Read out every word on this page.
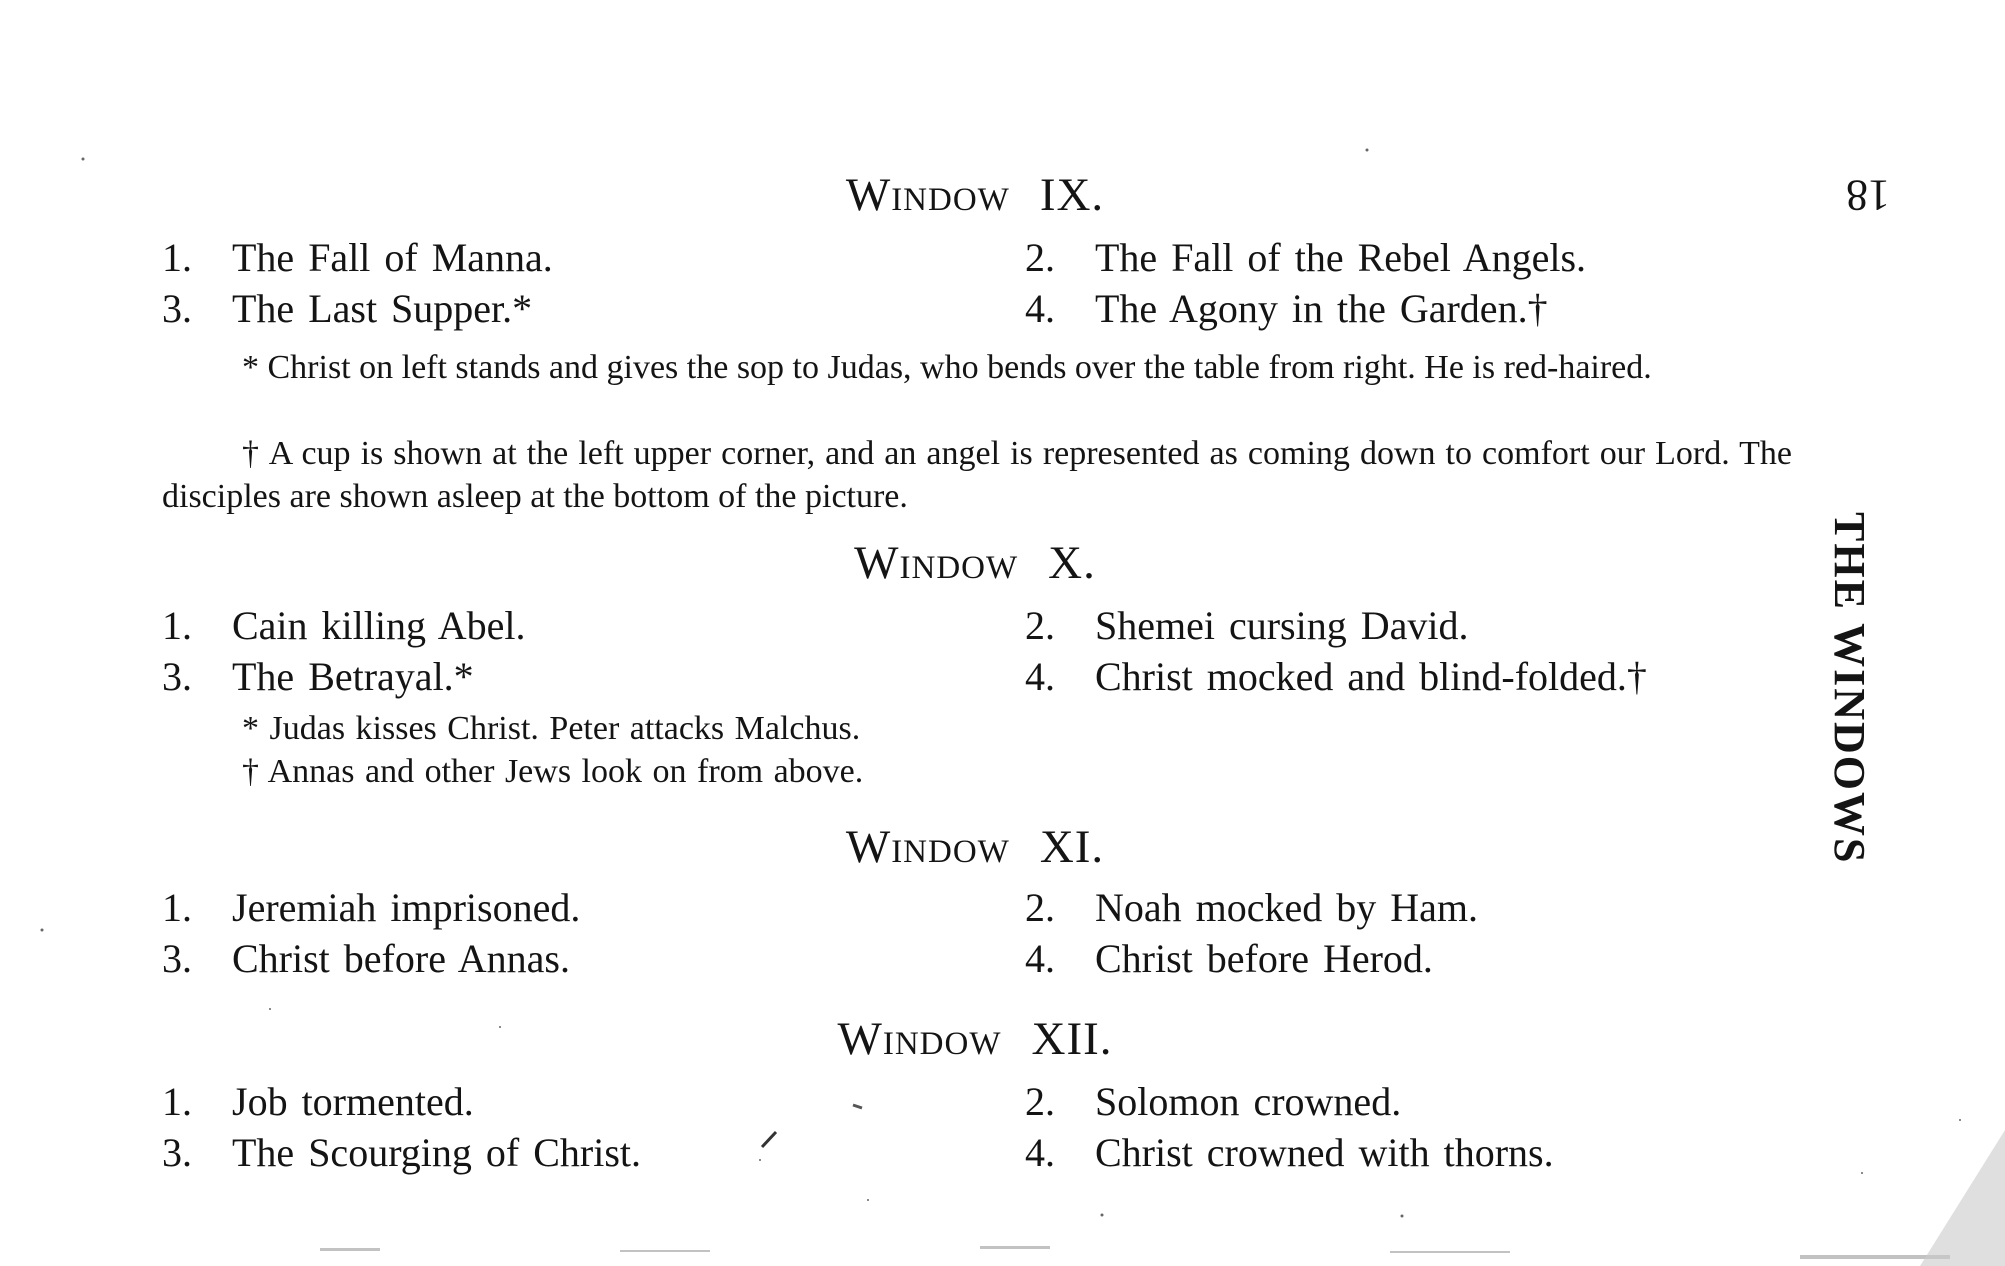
Window IX.
1. The Fall of Manna.	2. The Fall of the Rebel Angels.
3. The Last Supper.*	4. The Agony in the Garden.†
* Christ on left stands and gives the sop to Judas, who bends over the table from right. He is red-haired.
† A cup is shown at the left upper corner, and an angel is represented as coming down to comfort our Lord. The disciples are shown asleep at the bottom of the picture.
Window X.
1. Cain killing Abel.	2. Shemei cursing David.
3. The Betrayal.*	4. Christ mocked and blind-folded.†
* Judas kisses Christ. Peter attacks Malchus.
† Annas and other Jews look on from above.
Window XI.
1. Jeremiah imprisoned.	2. Noah mocked by Ham.
3. Christ before Annas.	4. Christ before Herod.
Window XII.
1. Job tormented.	2. Solomon crowned.
3. The Scourging of Christ.	4. Christ crowned with thorns.
18
THE WINDOWS
